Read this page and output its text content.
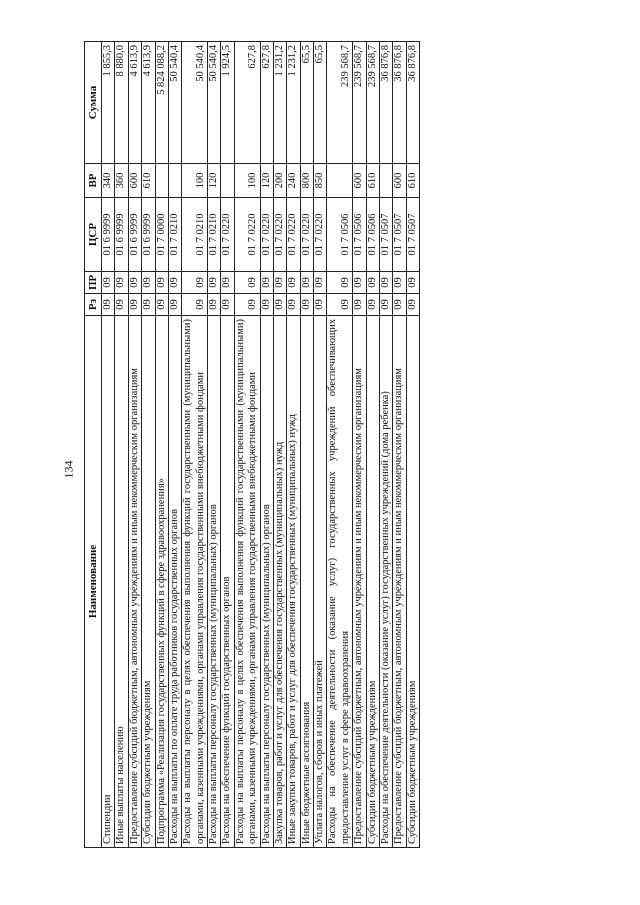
134
Наименование	Рз	ПР	ЦСР	ВР	Сумма
Стипендии	09	09	01 6 9999	340	1 855,3
Иные выплаты населению	09	09	01 6 9999	360	8 880,0
Предоставление субсидий бюджетным, автономным учреждениям и иным некоммерческим организациям	09	09	01 6 9999	600	4 613,9
Субсидии бюджетным учреждениям	09	09	01 6 9999	610	4 613,9
Подпрограмма «Реализация государственных функций в сфере здравоохранения»	09	09	01 7 0000		5 824 088,2
Расходы на выплаты по оплате труда работников государственных органов	09	09	01 7 0210		50 540,4
Расходы на выплаты персоналу в целях обеспечения выполнения функций государственными (муниципальными) органами, казенными учреждениями, органами управления государственными внебюджетными фондами	09	09	01 7 0210	100	50 540,4
Расходы на выплаты персоналу государственных (муниципальных) органов	09	09	01 7 0210	120	50 540,4
Расходы на обеспечение функций государственных органов	09	09	01 7 0220		1 924,5
Расходы на выплаты персоналу в целях обеспечения выполнения функций государственными (муниципальными) органами, казенными учреждениями, органами управления государственными внебюджетными фондами	09	09	01 7 0220	100	627,8
Расходы на выплаты персоналу государственных (муниципальных) органов	09	09	01 7 0220	120	627,8
Закупка товаров, работ и услуг для обеспечения государственных (муниципальных) нужд	09	09	01 7 0220	200	1 231,2
Иные закупки товаров, работ и услуг для обеспечения государственных (муниципальных) нужд	09	09	01 7 0220	240	1 231,2
Иные бюджетные ассигнования	09	09	01 7 0220	800	65,5
Уплата налогов, сборов и иных платежей	09	09	01 7 0220	850	65,5
Расходы на обеспечение деятельности (оказание услуг) государственных учреждений обеспечивающих предоставление услуг в сфере здравоохранения	09	09	01 7 0506		239 568,7
Предоставление субсидий бюджетным, автономным учреждениям и иным некоммерческим организациям	09	09	01 7 0506	600	239 568,7
Субсидии бюджетным учреждениям	09	09	01 7 0506	610	239 568,7
Расходы на обеспечение деятельности (оказание услуг) государственных учреждений (дома ребенка)	09	09	01 7 0507		36 876,8
Предоставление субсидий бюджетным, автономным учреждениям и иным некоммерческим организациям	09	09	01 7 0507	600	36 876,8
Субсидии бюджетным учреждениям	09	09	01 7 0507	610	36 876,8
